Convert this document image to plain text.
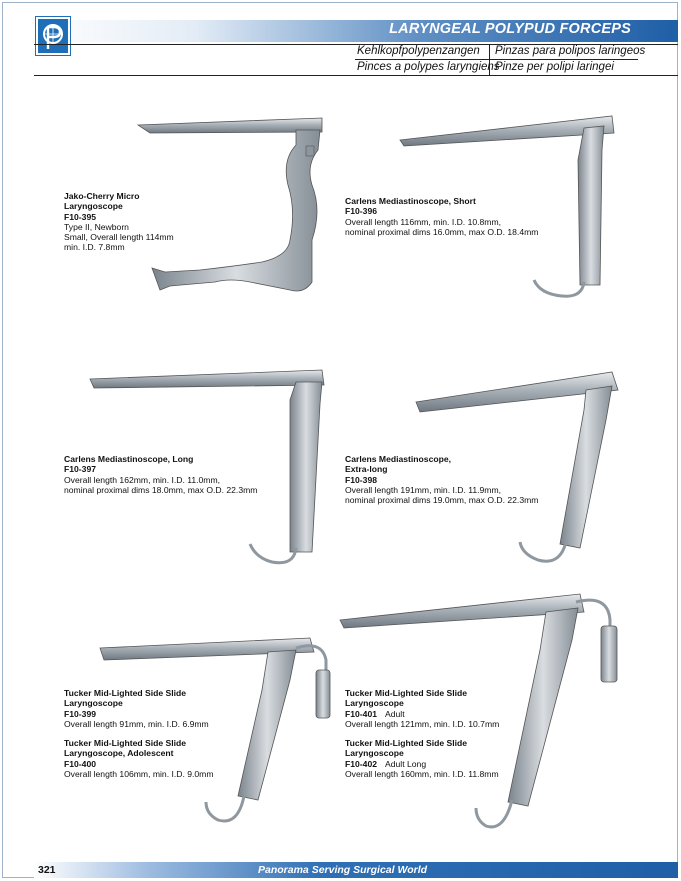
LARYNGEAL POLYPUD FORCEPS
Kehlkopfpolypenzangen Pinzas para polipos laringeos
Pinces a polypes laryngiens
Pinze per polipi laringei
Jako-Cherry Micro
Laryngoscope
F10-395
Type II, Newborn
Small, Overall length 114mm
min. I.D. 7.8mm
Carlens Mediastinoscope, Short
F10-396
Overall length 116mm, min. I.D. 10.8mm,
nominal proximal dims 16.0mm, max O.D. 18.4mm
Carlens Mediastinoscope, Long
F10-397
Overall length 162mm, min. I.D. 11.0mm,
nominal proximal dims 18.0mm, max O.D. 22.3mm
Carlens Mediastinoscope,
Extra-long
F10-398
Overall length 191mm, min. I.D. 11.9mm,
nominal proximal dims 19.0mm, max O.D. 22.3mm
Tucker Mid-Lighted Side Slide
Laryngoscope
F10-399
Overall length 91mm, min. I.D. 6.9mm
Tucker Mid-Lighted Side Slide
Laryngoscope, Adolescent
F10-400
Overall length 106mm, min. I.D. 9.0mm
Tucker Mid-Lighted Side Slide
Laryngoscope
F10-401 Adult
Overall length 121mm, min. I.D. 10.7mm
Tucker Mid-Lighted Side Slide
Laryngoscope
F10-402 Adult Long
Overall length 160mm, min. I.D. 11.8mm
321	Panorama Serving Surgical World
